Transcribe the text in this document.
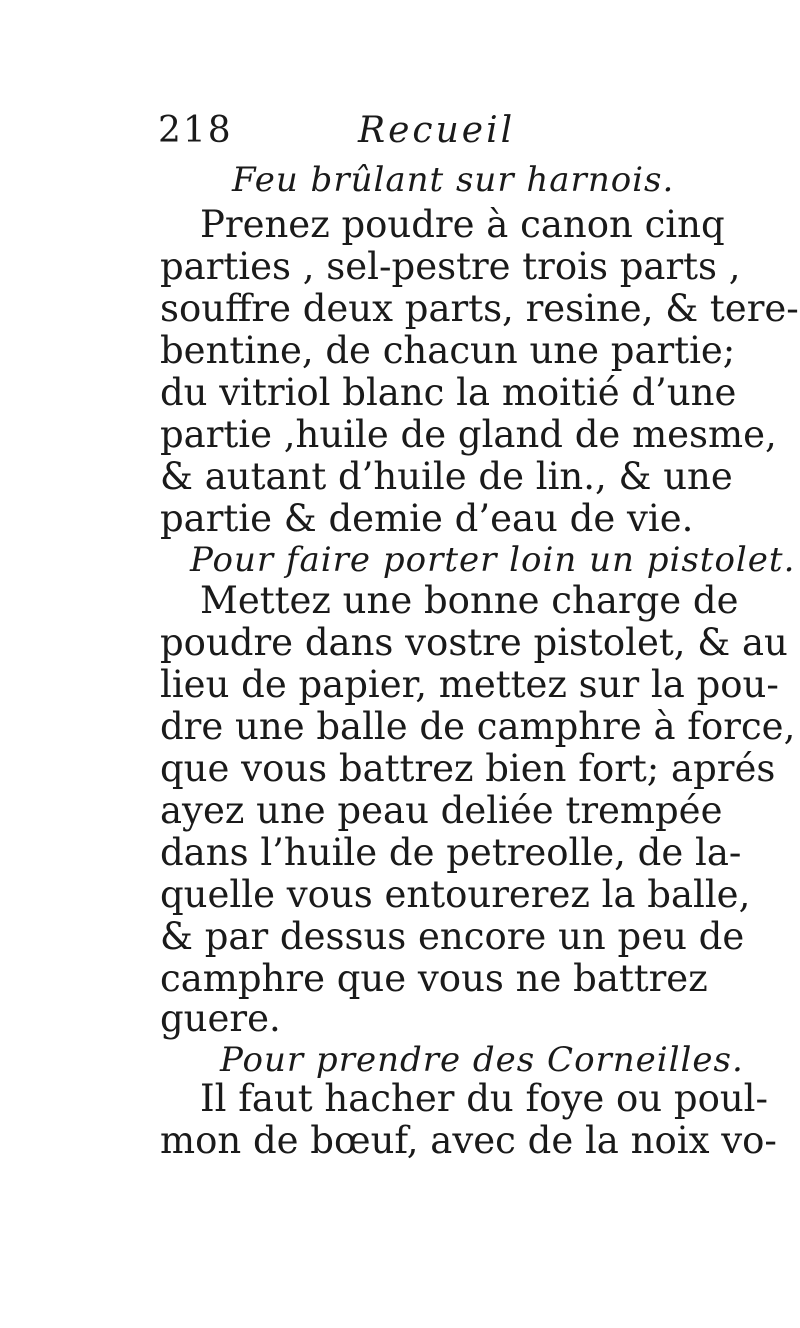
218	Recueil
Feu brûlant sur harnois.
Prenez poudre à canon cinq
parties , sel-pestre trois parts ,
souffre deux parts, resine, & tere-
bentine, de chacun une partie;
du vitriol blanc la moitié d’une
partie ,huile de gland de mesme,
& autant d’huile de lin., & une
partie & demie d’eau de vie.
Pour faire porter loin un pistolet.
Mettez une bonne charge de
poudre dans vostre pistolet, & au
lieu de papier, mettez sur la pou-
dre une balle de camphre à force,
que vous battrez bien fort; aprés
ayez une peau deliée trempée
dans l’huile de petreolle, de la-
quelle vous entourerez la balle,
& par dessus encore un peu de
camphre que vous ne battrez
guere.
Pour prendre des Corneilles.
Il faut hacher du foye ou poul-
mon de bœuf, avec de la noix vo-
